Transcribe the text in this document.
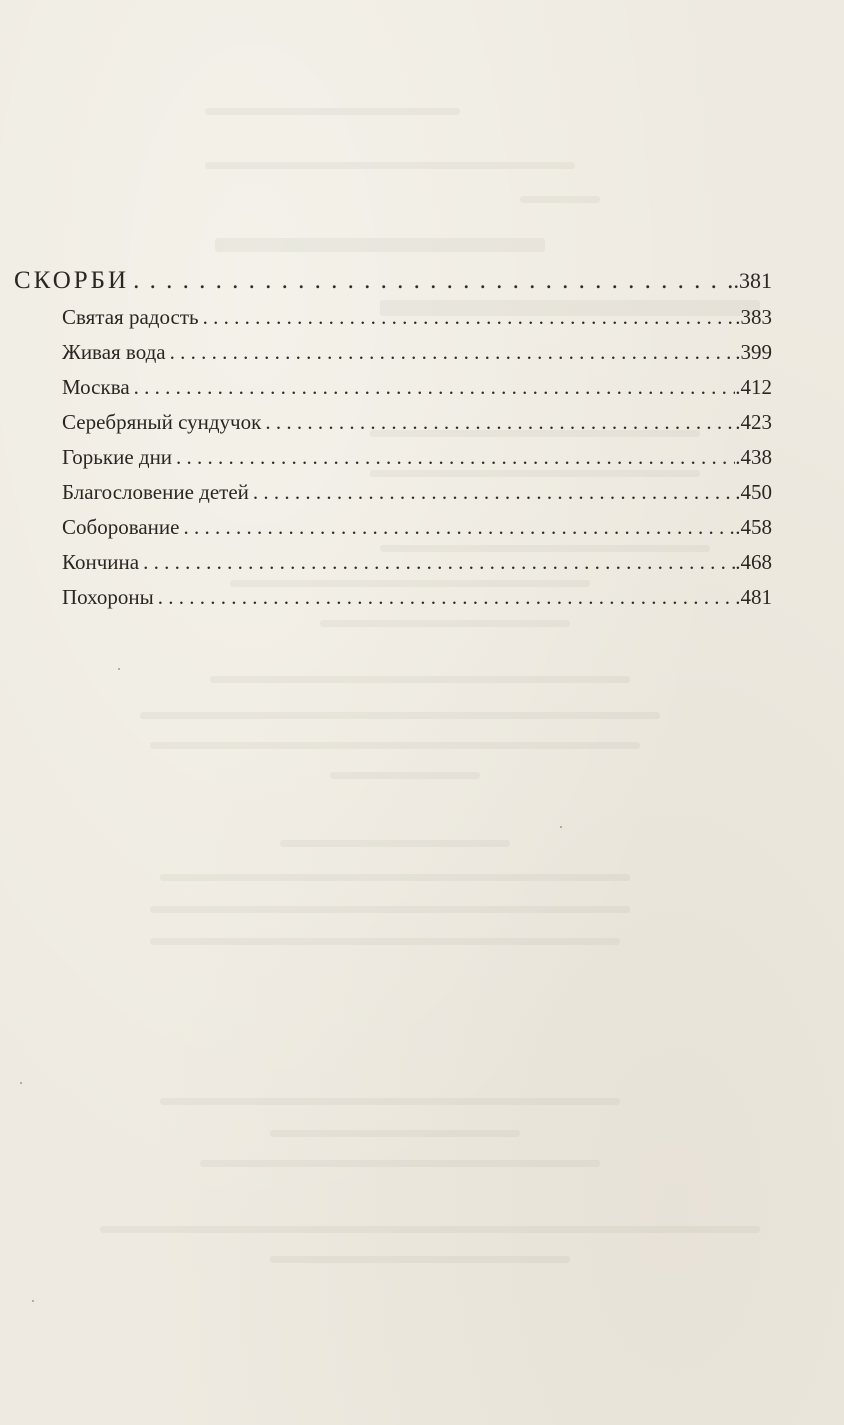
СКОРБИ . . .	.381
Святая радость . . .	.383
Живая вода . . .	.399
Москва . . .	.412
Серебряный сундучок . . .	.423
Горькие дни . . .	.438
Благословение детей . . .	.450
Соборование . . .	.458
Кончина . . .	.468
Похороны . . .	.481
